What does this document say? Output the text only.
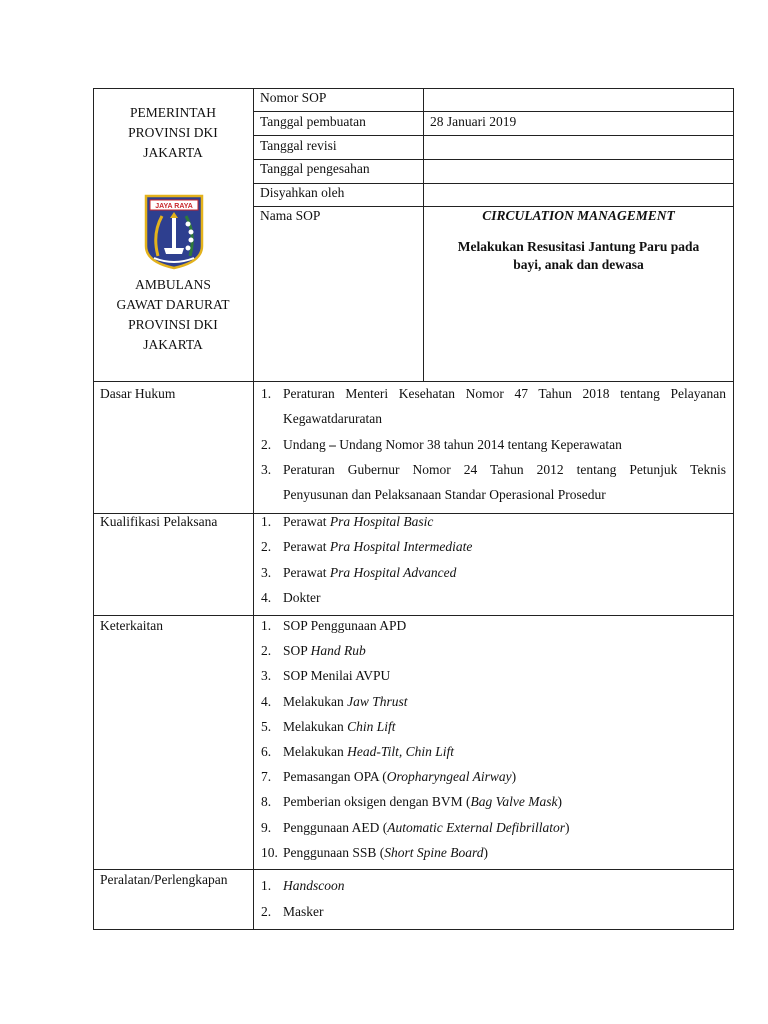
PEMERINTAH
PROVINSI DKI
JAKARTA
JAYA RAYA
AMBULANS
GAWAT DARURAT
PROVINSI DKI
JAKARTA
Nomor SOP
Tanggal pembuatan	28 Januari 2019
Tanggal revisi
Tanggal pengesahan
Disyahkan oleh
Nama SOP	CIRCULATION MANAGEMENT
Melakukan Resusitasi Jantung Paru pada
bayi, anak dan dewasa
Dasar Hukum	1. Peraturan Menteri Kesehatan Nomor 47 Tahun 2018 tentang Pelayanan
Kegawatdaruratan
2. Undang – Undang Nomor 38 tahun 2014 tentang Keperawatan
3. Peraturan Gubernur Nomor 24 Tahun 2012 tentang Petunjuk Teknis
Penyusunan dan Pelaksanaan Standar Operasional Prosedur
Kualifikasi Pelaksana	1. Perawat Pra Hospital Basic
2. Perawat Pra Hospital Intermediate
3. Perawat Pra Hospital Advanced
4. Dokter
Keterkaitan	1. SOP Penggunaan APD
2. SOP Hand Rub
3. SOP Menilai AVPU
4. Melakukan Jaw Thrust
5. Melakukan Chin Lift
6. Melakukan Head-Tilt, Chin Lift
7. Pemasangan OPA (Oropharyngeal Airway)
8. Pemberian oksigen dengan BVM (Bag Valve Mask)
9. Penggunaan AED (Automatic External Defibrillator)
10. Penggunaan SSB (Short Spine Board)
Peralatan/Perlengkapan 1. Handscoon
2. Masker
